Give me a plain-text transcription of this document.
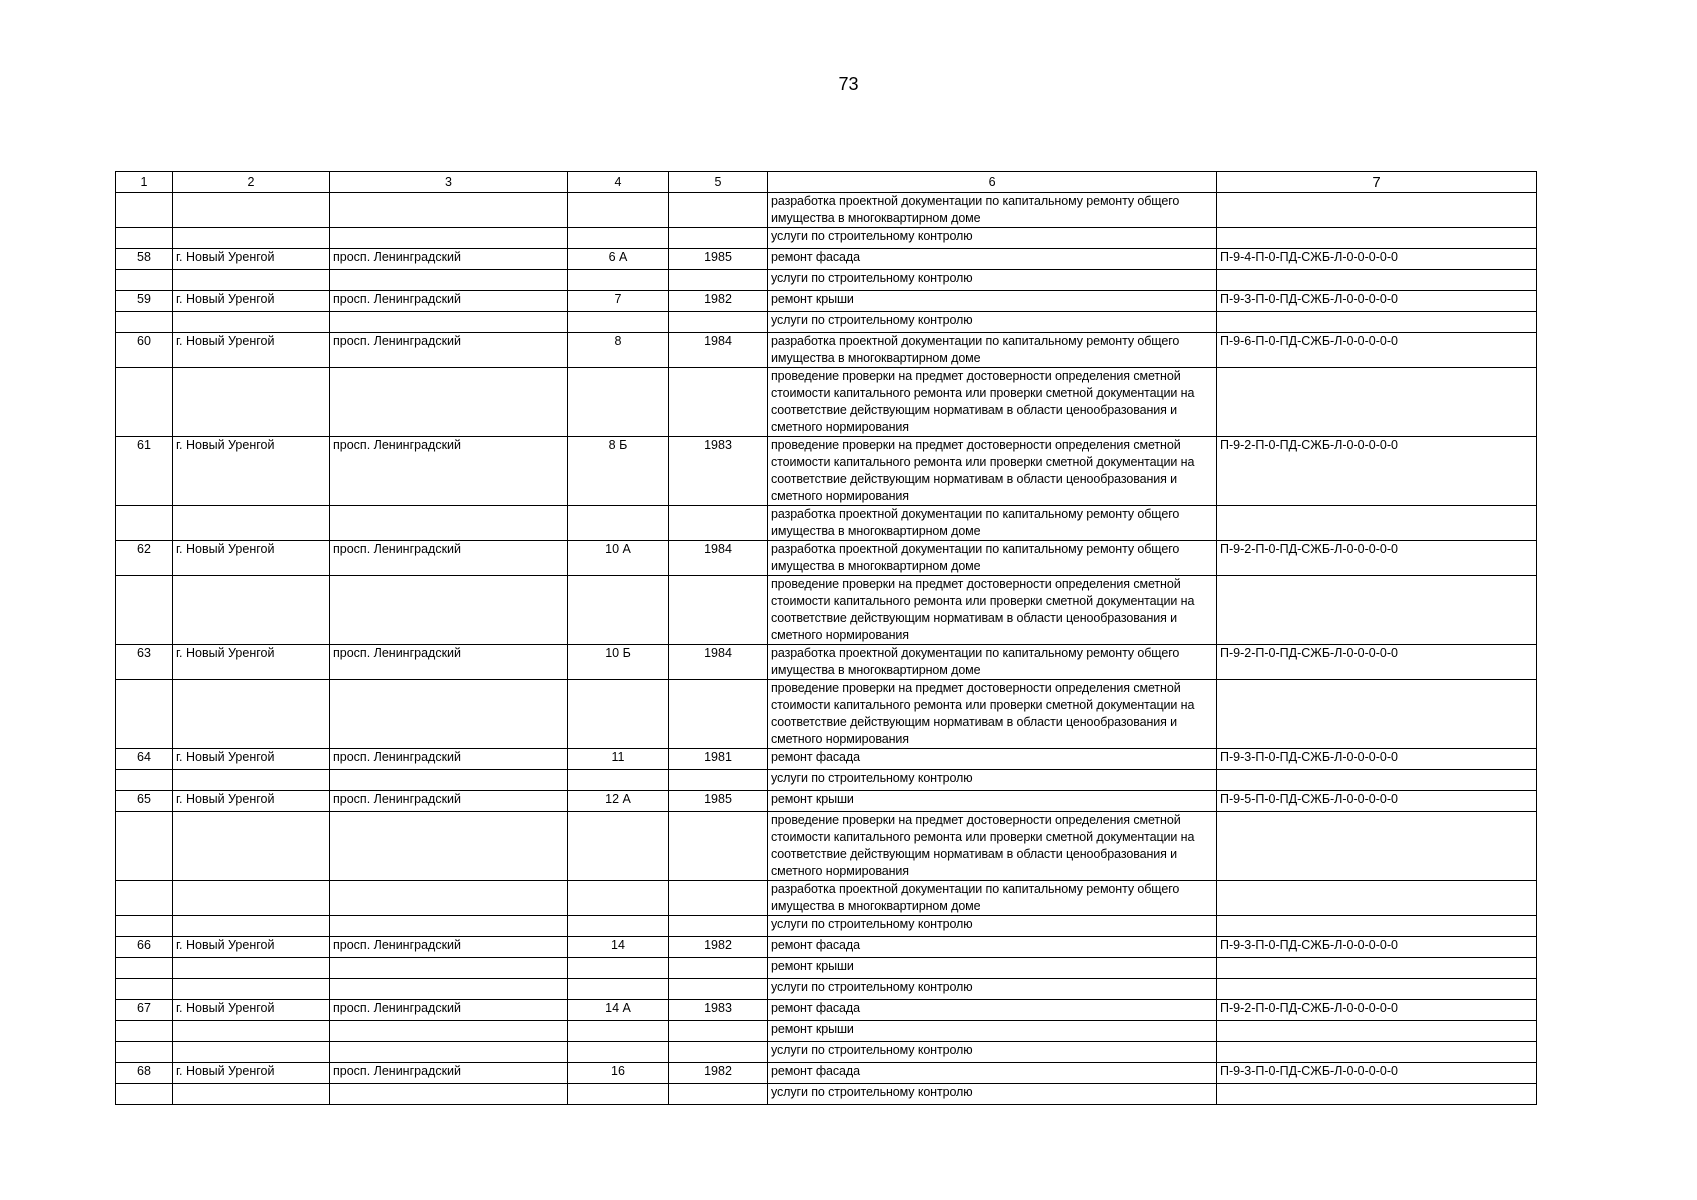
73
1	2	3	4	5	6	7
					разработка проектной документации по капитальному ремонту общего имущества в многоквартирном доме	
					услуги по строительному контролю	
58	г. Новый Уренгой	просп. Ленинградский	6 А	1985	ремонт фасада	П-9-4-П-0-ПД-СЖБ-Л-0-0-0-0-0
					услуги по строительному контролю	
59	г. Новый Уренгой	просп. Ленинградский	7	1982	ремонт крыши	П-9-3-П-0-ПД-СЖБ-Л-0-0-0-0-0
					услуги по строительному контролю	
60	г. Новый Уренгой	просп. Ленинградский	8	1984	разработка проектной документации по капитальному ремонту общего имущества в многоквартирном доме	П-9-6-П-0-ПД-СЖБ-Л-0-0-0-0-0
					проведение проверки на предмет достоверности определения сметной стоимости капитального ремонта или проверки сметной документации на соответствие действующим нормативам в области ценообразования и сметного нормирования	
61	г. Новый Уренгой	просп. Ленинградский	8 Б	1983	проведение проверки на предмет достоверности определения сметной стоимости капитального ремонта или проверки сметной документации на соответствие действующим нормативам в области ценообразования и сметного нормирования	П-9-2-П-0-ПД-СЖБ-Л-0-0-0-0-0
					разработка проектной документации по капитальному ремонту общего имущества в многоквартирном доме	
62	г. Новый Уренгой	просп. Ленинградский	10 А	1984	разработка проектной документации по капитальному ремонту общего имущества в многоквартирном доме	П-9-2-П-0-ПД-СЖБ-Л-0-0-0-0-0
					проведение проверки на предмет достоверности определения сметной стоимости капитального ремонта или проверки сметной документации на соответствие действующим нормативам в области ценообразования и сметного нормирования	
63	г. Новый Уренгой	просп. Ленинградский	10 Б	1984	разработка проектной документации по капитальному ремонту общего имущества в многоквартирном доме	П-9-2-П-0-ПД-СЖБ-Л-0-0-0-0-0
					проведение проверки на предмет достоверности определения сметной стоимости капитального ремонта или проверки сметной документации на соответствие действующим нормативам в области ценообразования и сметного нормирования	
64	г. Новый Уренгой	просп. Ленинградский	11	1981	ремонт фасада	П-9-3-П-0-ПД-СЖБ-Л-0-0-0-0-0
					услуги по строительному контролю	
65	г. Новый Уренгой	просп. Ленинградский	12 А	1985	ремонт крыши	П-9-5-П-0-ПД-СЖБ-Л-0-0-0-0-0
					проведение проверки на предмет достоверности определения сметной стоимости капитального ремонта или проверки сметной документации на соответствие действующим нормативам в области ценообразования и сметного нормирования	
					разработка проектной документации по капитальному ремонту общего имущества в многоквартирном доме	
					услуги по строительному контролю	
66	г. Новый Уренгой	просп. Ленинградский	14	1982	ремонт фасада	П-9-3-П-0-ПД-СЖБ-Л-0-0-0-0-0
					ремонт крыши	
					услуги по строительному контролю	
67	г. Новый Уренгой	просп. Ленинградский	14 А	1983	ремонт фасада	П-9-2-П-0-ПД-СЖБ-Л-0-0-0-0-0
					ремонт крыши	
					услуги по строительному контролю	
68	г. Новый Уренгой	просп. Ленинградский	16	1982	ремонт фасада	П-9-3-П-0-ПД-СЖБ-Л-0-0-0-0-0
					услуги по строительному контролю	
